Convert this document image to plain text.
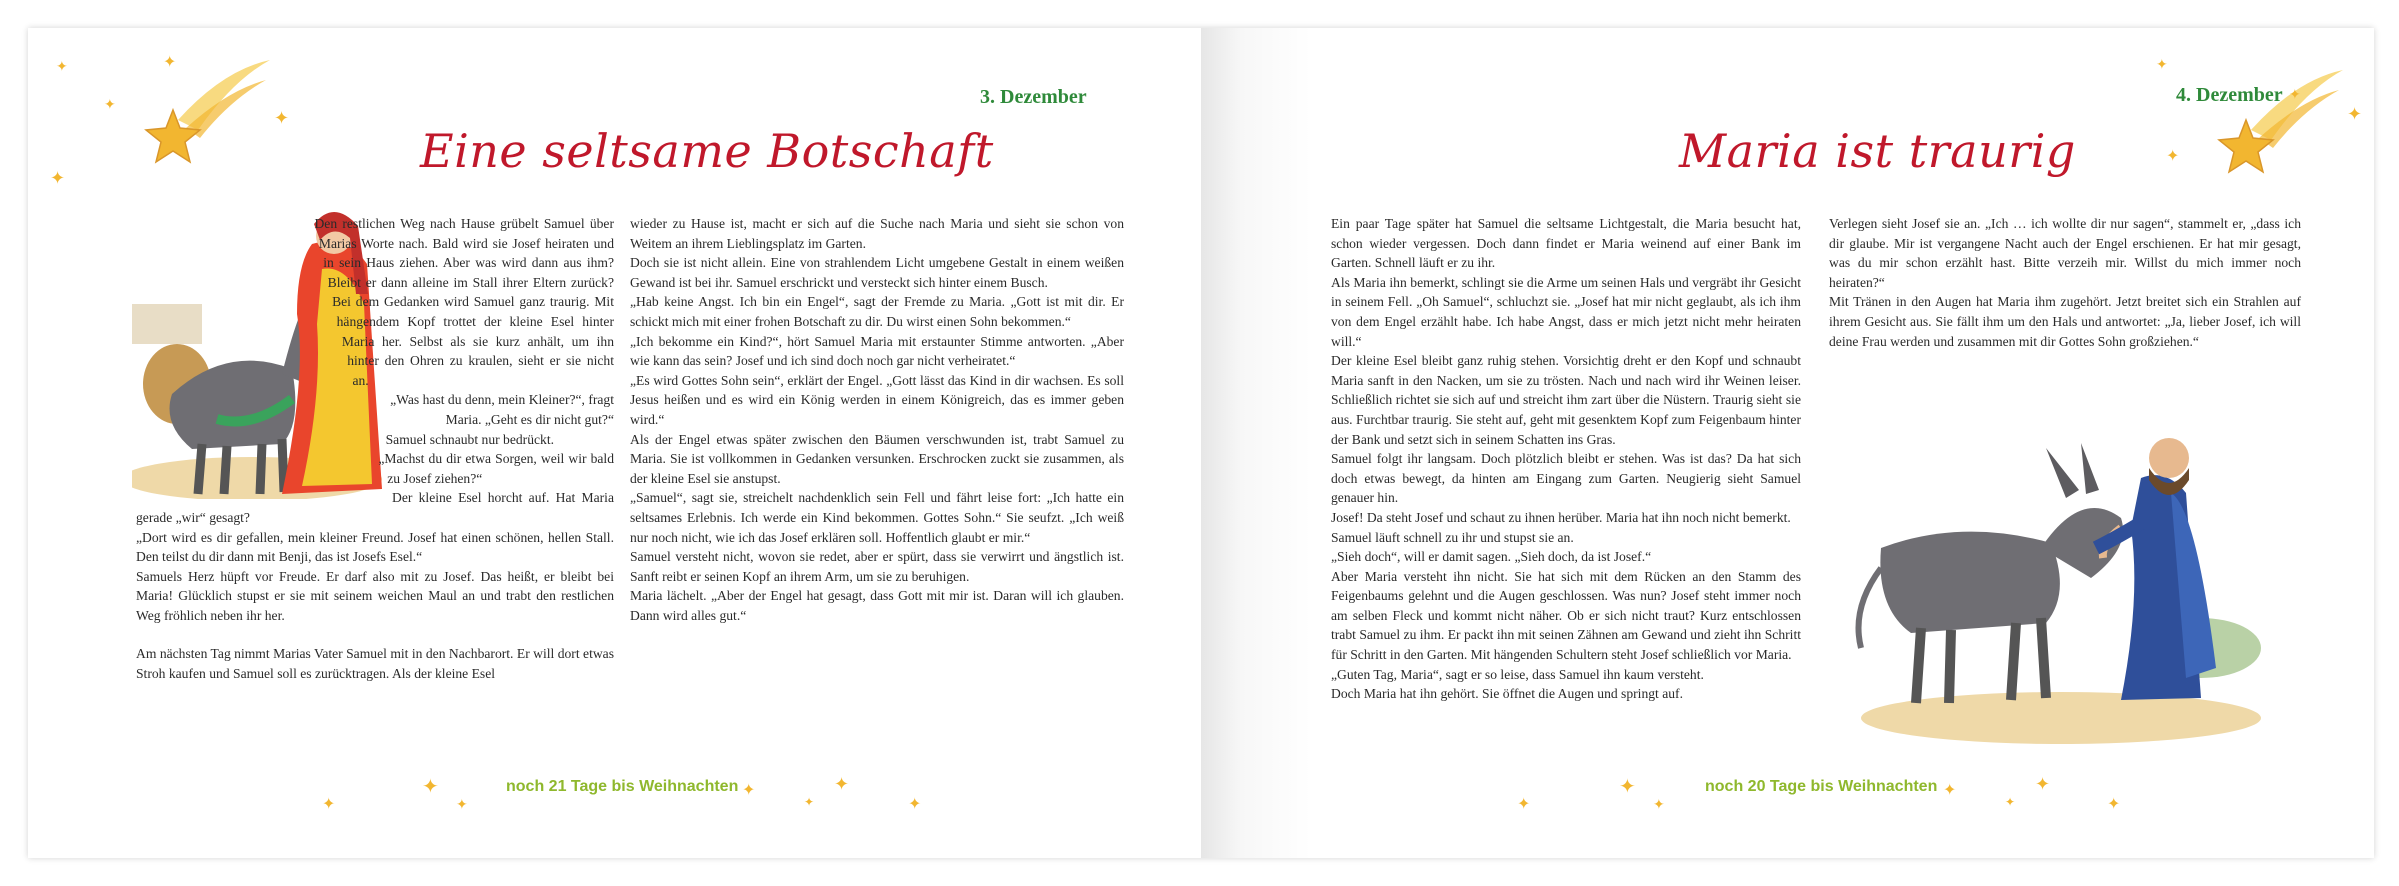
✦
✦
✦
✦
✦
3. Dezember
Eine seltsame Botschaft

Den restlichen Weg nach Hause grübelt Samuel über Marias Worte nach. Bald wird sie Josef heiraten und in sein Haus ziehen. Aber was wird dann aus ihm? Bleibt er dann alleine im Stall ihrer Eltern zurück? Bei dem Gedanken wird Samuel ganz traurig. Mit hängendem Kopf trottet der kleine Esel hinter Maria her. Selbst als sie kurz anhält, um ihn hinter den Ohren zu kraulen, sieht er sie nicht an.

„Was hast du denn, mein Kleiner?“, fragt Maria. „Geht es dir nicht gut?“

Samuel schnaubt nur bedrückt.

„Machst du dir etwa Sorgen, weil wir bald zu Josef ziehen?“

Der kleine Esel horcht auf. Hat Maria gerade „wir“ gesagt?

„Dort wird es dir gefallen, mein kleiner Freund. Josef hat einen schönen, hellen Stall. Den teilst du dir dann mit Benji, das ist Josefs Esel.“

Samuels Herz hüpft vor Freude. Er darf also mit zu Josef. Das heißt, er bleibt bei Maria! Glücklich stupst er sie mit seinem weichen Maul an und trabt den restlichen Weg fröhlich neben ihr her.

Am nächsten Tag nimmt Marias Vater Samuel mit in den Nachbarort. Er will dort etwas Stroh kaufen und Samuel soll es zurücktragen. Als der kleine Esel

wieder zu Hause ist, macht er sich auf die Suche nach Maria und sieht sie schon von Weitem an ihrem Lieblingsplatz im Garten.

Doch sie ist nicht allein. Eine von strahlendem Licht umgebene Gestalt in einem weißen Gewand ist bei ihr. Samuel erschrickt und versteckt sich hinter einem Busch.

„Hab keine Angst. Ich bin ein Engel“, sagt der Fremde zu Maria. „Gott ist mit dir. Er schickt mich mit einer frohen Botschaft zu dir. Du wirst einen Sohn bekommen.“

„Ich bekomme ein Kind?“, hört Samuel Maria mit erstaunter Stimme antworten. „Aber wie kann das sein? Josef und ich sind doch noch gar nicht verheiratet.“

„Es wird Gottes Sohn sein“, erklärt der Engel. „Gott lässt das Kind in dir wachsen. Es soll Jesus heißen und es wird ein König werden in einem Königreich, das es immer geben wird.“

Als der Engel etwas später zwischen den Bäumen verschwunden ist, trabt Samuel zu Maria. Sie ist vollkommen in Gedanken versunken. Erschrocken zuckt sie zusammen, als der kleine Esel sie anstupst.

„Samuel“, sagt sie, streichelt nachdenklich sein Fell und fährt leise fort: „Ich hatte ein seltsames Erlebnis. Ich werde ein Kind bekommen. Gottes Sohn.“ Sie seufzt. „Ich weiß nur noch nicht, wie ich das Josef erklären soll. Hoffentlich glaubt er mir.“

Samuel versteht nicht, wovon sie redet, aber er spürt, dass sie verwirrt und ängstlich ist. Sanft reibt er seinen Kopf an ihrem Arm, um sie zu beruhigen.

Maria lächelt. „Aber der Engel hat gesagt, dass Gott mit mir ist. Daran will ich glauben. Dann wird alles gut.“

✦
✦
✦
noch 21 Tage bis Weihnachten ✦
✦
✦
✦
4. Dezember
Maria ist traurig
✦
✦
✦
✦

Ein paar Tage später hat Samuel die seltsame Lichtgestalt, die Maria besucht hat, schon wieder vergessen. Doch dann findet er Maria weinend auf einer Bank im Garten. Schnell läuft er zu ihr.

Als Maria ihn bemerkt, schlingt sie die Arme um seinen Hals und vergräbt ihr Gesicht in seinem Fell. „Oh Samuel“, schluchzt sie. „Josef hat mir nicht geglaubt, als ich ihm von dem Engel erzählt habe. Ich habe Angst, dass er mich jetzt nicht mehr heiraten will.“

Der kleine Esel bleibt ganz ruhig stehen. Vorsichtig dreht er den Kopf und schnaubt Maria sanft in den Nacken, um sie zu trösten. Nach und nach wird ihr Weinen leiser. Schließlich richtet sie sich auf und streicht ihm zart über die Nüstern. Traurig sieht sie aus. Furchtbar traurig. Sie steht auf, geht mit gesenktem Kopf zum Feigenbaum hinter der Bank und setzt sich in seinem Schatten ins Gras.

Samuel folgt ihr langsam. Doch plötzlich bleibt er stehen. Was ist das? Da hat sich doch etwas bewegt, da hinten am Eingang zum Garten. Neugierig sieht Samuel genauer hin.

Josef! Da steht Josef und schaut zu ihnen herüber. Maria hat ihn noch nicht bemerkt.

Samuel läuft schnell zu ihr und stupst sie an.

„Sieh doch“, will er damit sagen. „Sieh doch, da ist Josef.“

Aber Maria versteht ihn nicht. Sie hat sich mit dem Rücken an den Stamm des Feigenbaums gelehnt und die Augen geschlossen. Was nun? Josef steht immer noch am selben Fleck und kommt nicht näher. Ob er sich nicht traut? Kurz entschlossen trabt Samuel zu ihm. Er packt ihn mit seinen Zähnen am Gewand und zieht ihn Schritt für Schritt in den Garten. Mit hängenden Schultern steht Josef schließlich vor Maria.

„Guten Tag, Maria“, sagt er so leise, dass Samuel ihn kaum versteht.

Doch Maria hat ihn gehört. Sie öffnet die Augen und springt auf.

Verlegen sieht Josef sie an. „Ich … ich wollte dir nur sagen“, stammelt er, „dass ich dir glaube. Mir ist vergangene Nacht auch der Engel erschienen. Er hat mir gesagt, was du mir schon erzählt hast. Bitte verzeih mir. Willst du mich immer noch heiraten?“

Mit Tränen in den Augen hat Maria ihm zugehört. Jetzt breitet sich ein Strahlen auf ihrem Gesicht aus. Sie fällt ihm um den Hals und antwortet: „Ja, lieber Josef, ich will deine Frau werden und zusammen mit dir Gottes Sohn großziehen.“

✦
✦
✦
noch 20 Tage bis Weihnachten ✦
✦
✦
✦
